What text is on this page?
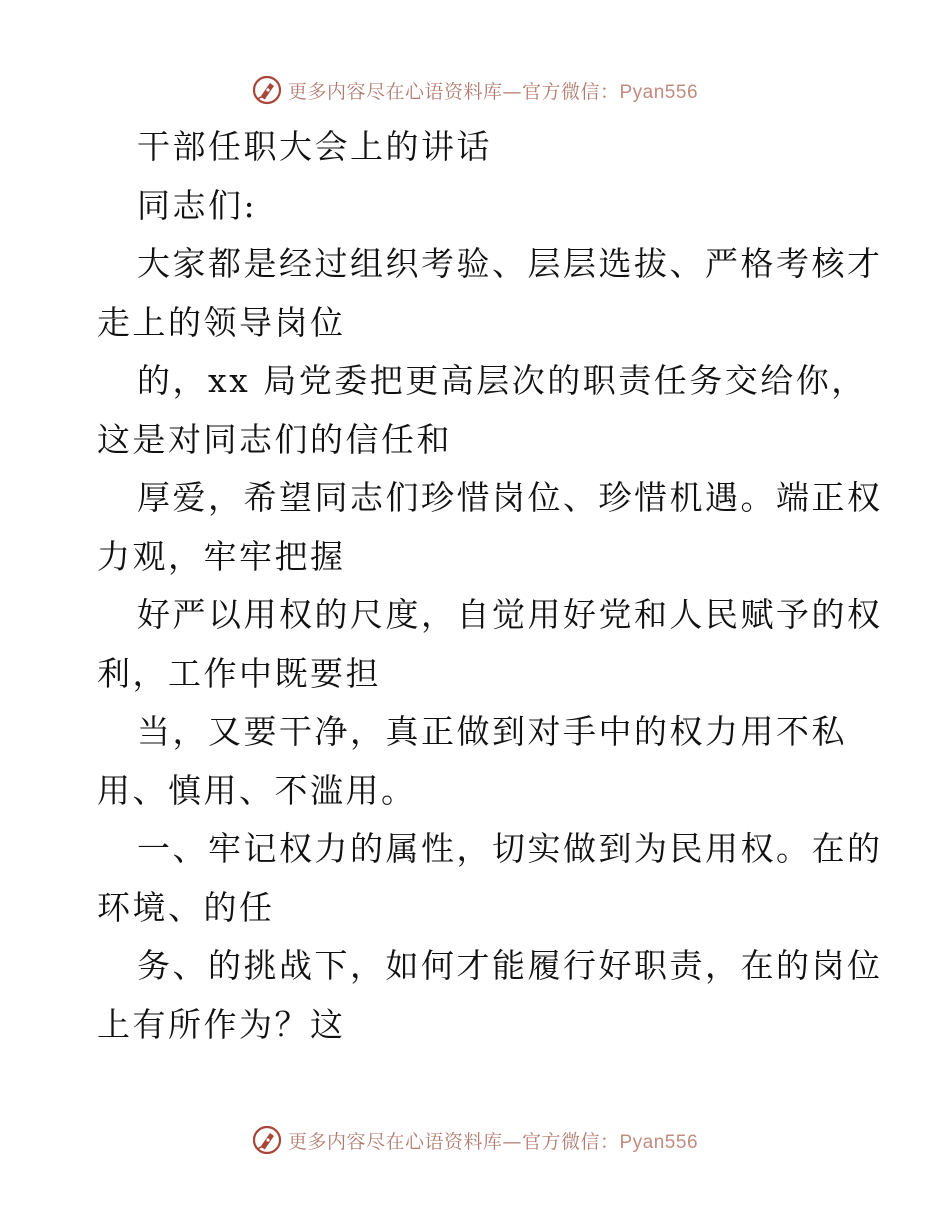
更多内容尽在心语资料库—官方微信：Pyan556
干部任职大会上的讲话
同志们:
大家都是经过组织考验、层层选拔、严格考核才
走上的领导岗位
的，xx 局党委把更高层次的职责任务交给你，
这是对同志们的信任和
厚爱，希望同志们珍惜岗位、珍惜机遇。端正权
力观，牢牢把握
好严以用权的尺度，自觉用好党和人民赋予的权
利，工作中既要担
当，又要干净，真正做到对手中的权力用不私
用、慎用、不滥用。
一、牢记权力的属性，切实做到为民用权。在的
环境、的任
务、的挑战下，如何才能履行好职责，在的岗位
上有所作为？这
更多内容尽在心语资料库—官方微信：Pyan556
